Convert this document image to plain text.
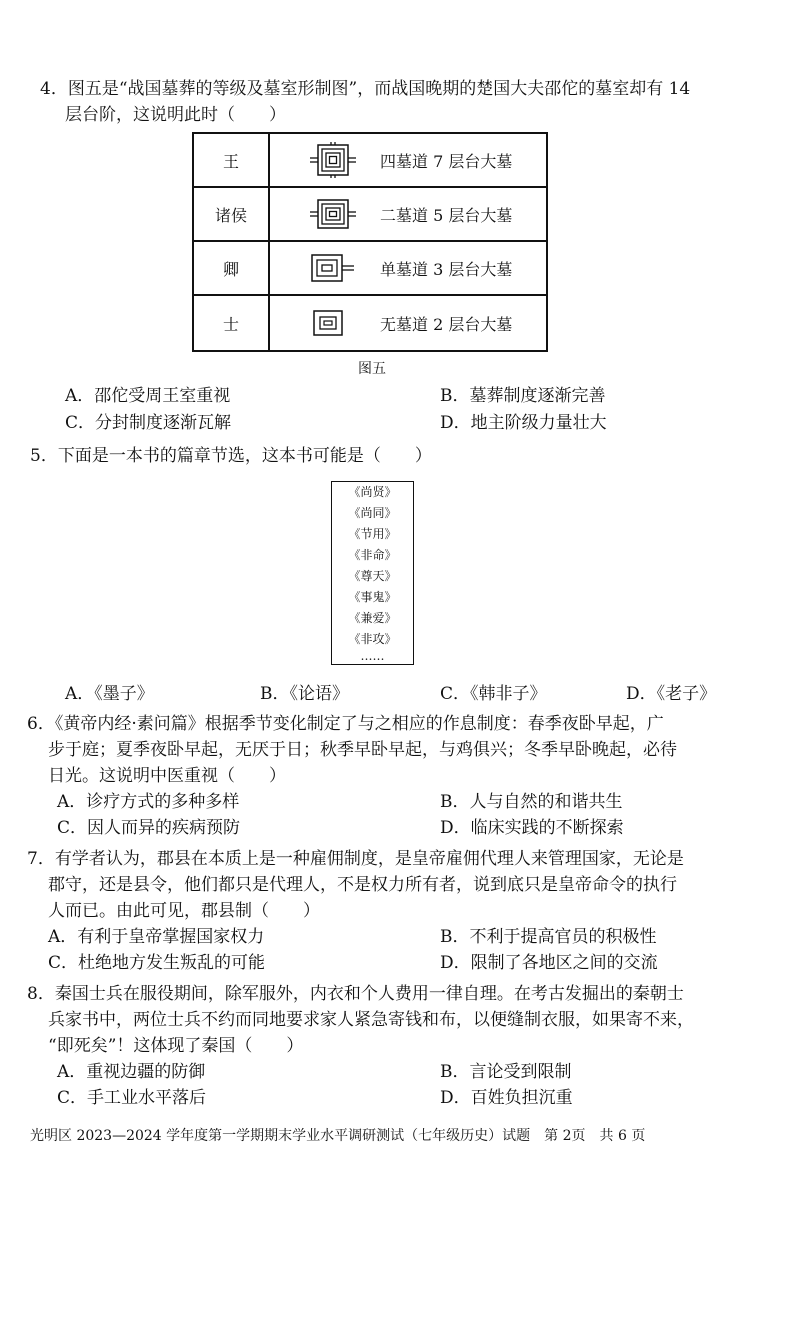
4．图五是“战国墓葬的等级及墓室形制图”，而战国晚期的楚国大夫邵佗的墓室却有 14
层台阶，这说明此时（　　）
王	四墓道 7 层台大墓
诸侯	二墓道 5 层台大墓
卿	单墓道 3 层台大墓
士	无墓道 2 层台大墓
图五
A．邵佗受周王室重视	B．墓葬制度逐渐完善
C．分封制度逐渐瓦解	D．地主阶级力量壮大
5．下面是一本书的篇章节选，这本书可能是（　　）
《尚贤》
《尚同》
《节用》
《非命》
《尊天》
《事鬼》
《兼爱》
《非攻》
……
A．《墨子》	B．《论语》	C．《韩非子》	D．《老子》
6．《黄帝内经·素问篇》根据季节变化制定了与之相应的作息制度：春季夜卧早起，广
步于庭；夏季夜卧早起，无厌于日；秋季早卧早起，与鸡俱兴；冬季早卧晚起，必待
日光。这说明中医重视（　　）
A．诊疗方式的多种多样	B．人与自然的和谐共生
C．因人而异的疾病预防	D．临床实践的不断探索
7．有学者认为，郡县在本质上是一种雇佣制度，是皇帝雇佣代理人来管理国家，无论是
郡守，还是县令，他们都只是代理人，不是权力所有者，说到底只是皇帝命令的执行
人而已。由此可见，郡县制（　　）
A．有利于皇帝掌握国家权力	B．不利于提高官员的积极性
C．杜绝地方发生叛乱的可能	D．限制了各地区之间的交流
8．秦国士兵在服役期间，除军服外，内衣和个人费用一律自理。在考古发掘出的秦朝士
兵家书中，两位士兵不约而同地要求家人紧急寄钱和布，以便缝制衣服，如果寄不来，
“即死矣”！这体现了秦国（　　）
A．重视边疆的防御	B．言论受到限制
C．手工业水平落后	D．百姓负担沉重
光明区 2023—2024 学年度第一学期期末学业水平调研测试（七年级历史）试题　第 2页　共 6 页
